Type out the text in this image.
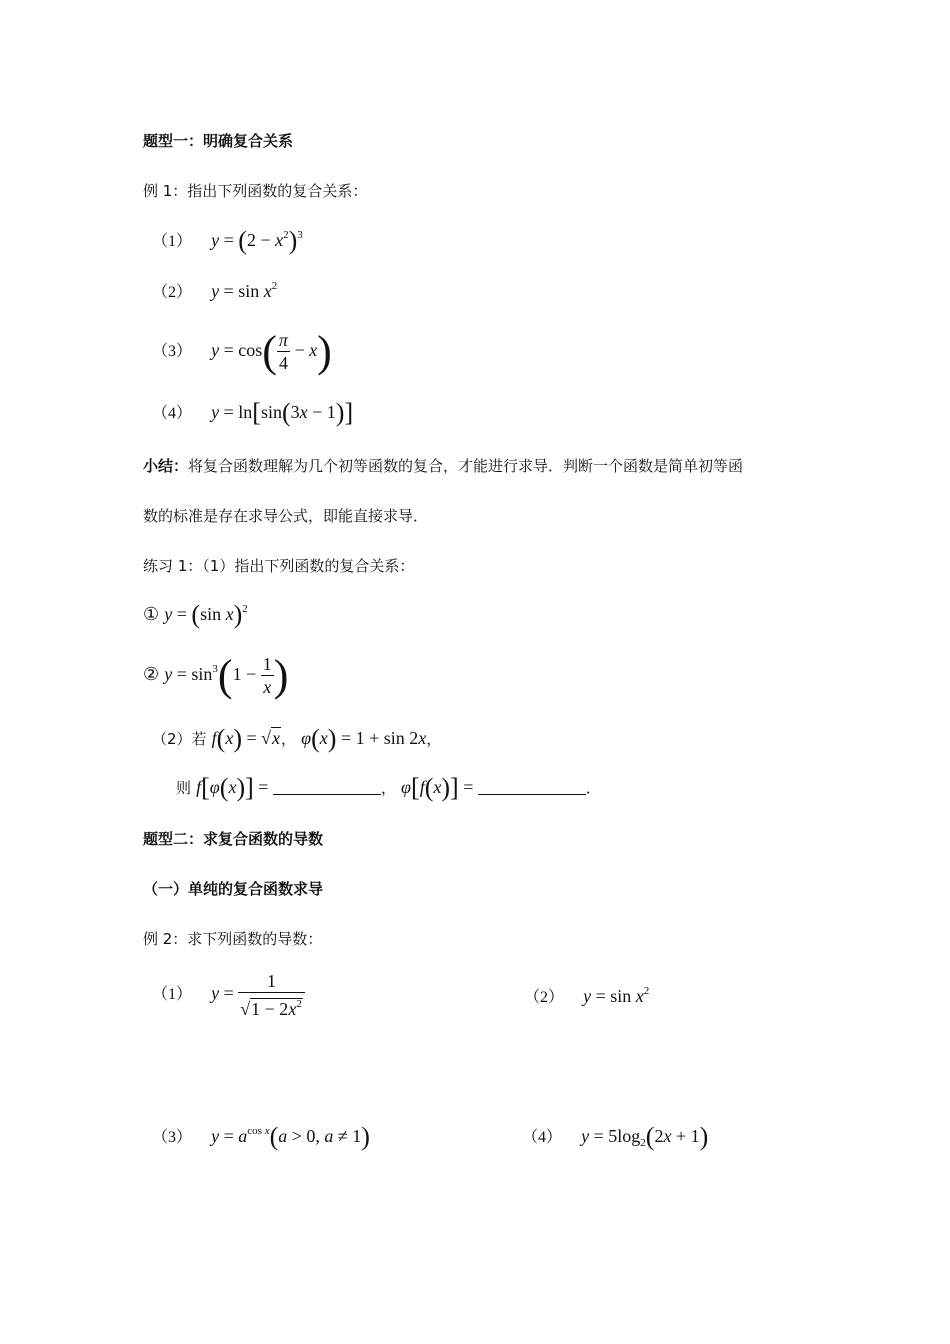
题型一：明确复合关系
例 1：指出下列函数的复合关系：
（1） $y = (2 - x^2)^3$
（2） $y = \sin x^2$
（3） $y = \cos( \frac{\pi}{4} - x)$
（4） y = ln[sin(3x − 1)]
小结：将复合函数理解为几个初等函数的复合，才能进行求导．判断一个函数是简单初等函
数的标准是存在求导公式，即能直接求导．
练习 1：（1）指出下列函数的复合关系：
① y = (sin x)$^2$
② $y = \sin^3(1 - \frac{1}{x}$ )
（2）若 f(x) = √x， φ(x) = 1 + sin 2x，
则 f[φ(x)] =	， φ[f(x)] =	．
题型二：求复合函数的导数
（一）单纯的复合函数求导
例 2：求下列函数的导数：
（1） $y = \frac{1}{√1 - 2x^2}$	（2） $y = \sin x^2$
（3） $y = a^{cos x}(a > 0$, a ≠ 1)	（4） $y = 5\log_2(2x + 1)$
